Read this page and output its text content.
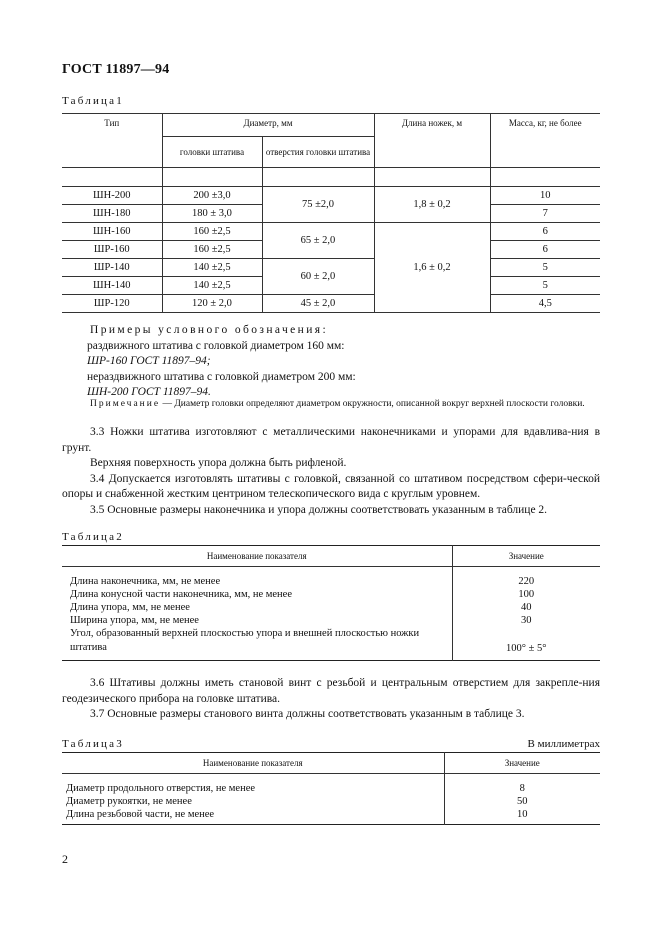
ГОСТ 11897—94
Таблица1
Тип	Диаметр, мм		Длина ножек, м	Масса, кг, не более
	головки штатива	отверстия головки штатива		

ШН-200	200 ±3,0	75 ±2,0	1,8 ± 0,2	10
ШН-180	180 ± 3,0			7
ШН-160	160 ±2,5	65 ± 2,0	1,6 ± 0,2	6
ШР-160	160 ±2,5			6
ШР-140	140 ±2,5	60 ± 2,0		5
ШН-140	140 ±2,5			5
ШР-120	120 ± 2,0	45 ± 2,0		4,5
Примеры условного обозначения:
раздвижного штатива с головкой диаметром 160 мм:
ШР-160 ГОСТ 11897–94;
нераздвижного штатива с головкой диаметром 200 мм:
ШН-200 ГОСТ 11897–94.
Примечание — Диаметр головки определяют диаметром окружности, описанной вокруг верхней плоскости головки.
3.3 Ножки штатива изготовляют с металлическими наконечниками и упорами для вдавлива-ния в грунт.
Верхняя поверхность упора должна быть рифленой.
3.4 Допускается изготовлять штативы с головкой, связанной со штативом посредством сфери-ческой опоры и снабженной жестким центрином телескопического вида с круглым уровнем.
3.5 Основные размеры наконечника и упора должны соответствовать указанным в таблице 2.
Таблица2
Наименование показателя	Значение

Длина наконечника, мм, не менее	220
Длина конусной части наконечника, мм, не менее	100
Длина упора, мм, не менее	40
Ширина упора, мм, не менее	30
Угол, образованный верхней плоскостью упора и внешней плоскостью ножки штатива	100° ± 5°
3.6 Штативы должны иметь становой винт с резьбой и центральным отверстием для закрепле-ния геодезического прибора на головке штатива.
3.7 Основные размеры станового винта должны соответствовать указанным в таблице 3.
Таблица3	В миллиметрах
Наименование показателя	Значение

Диаметр продольного отверстия, не менее	8
Диаметр рукоятки, не менее	50
Длина резьбовой части, не менее	10
2
